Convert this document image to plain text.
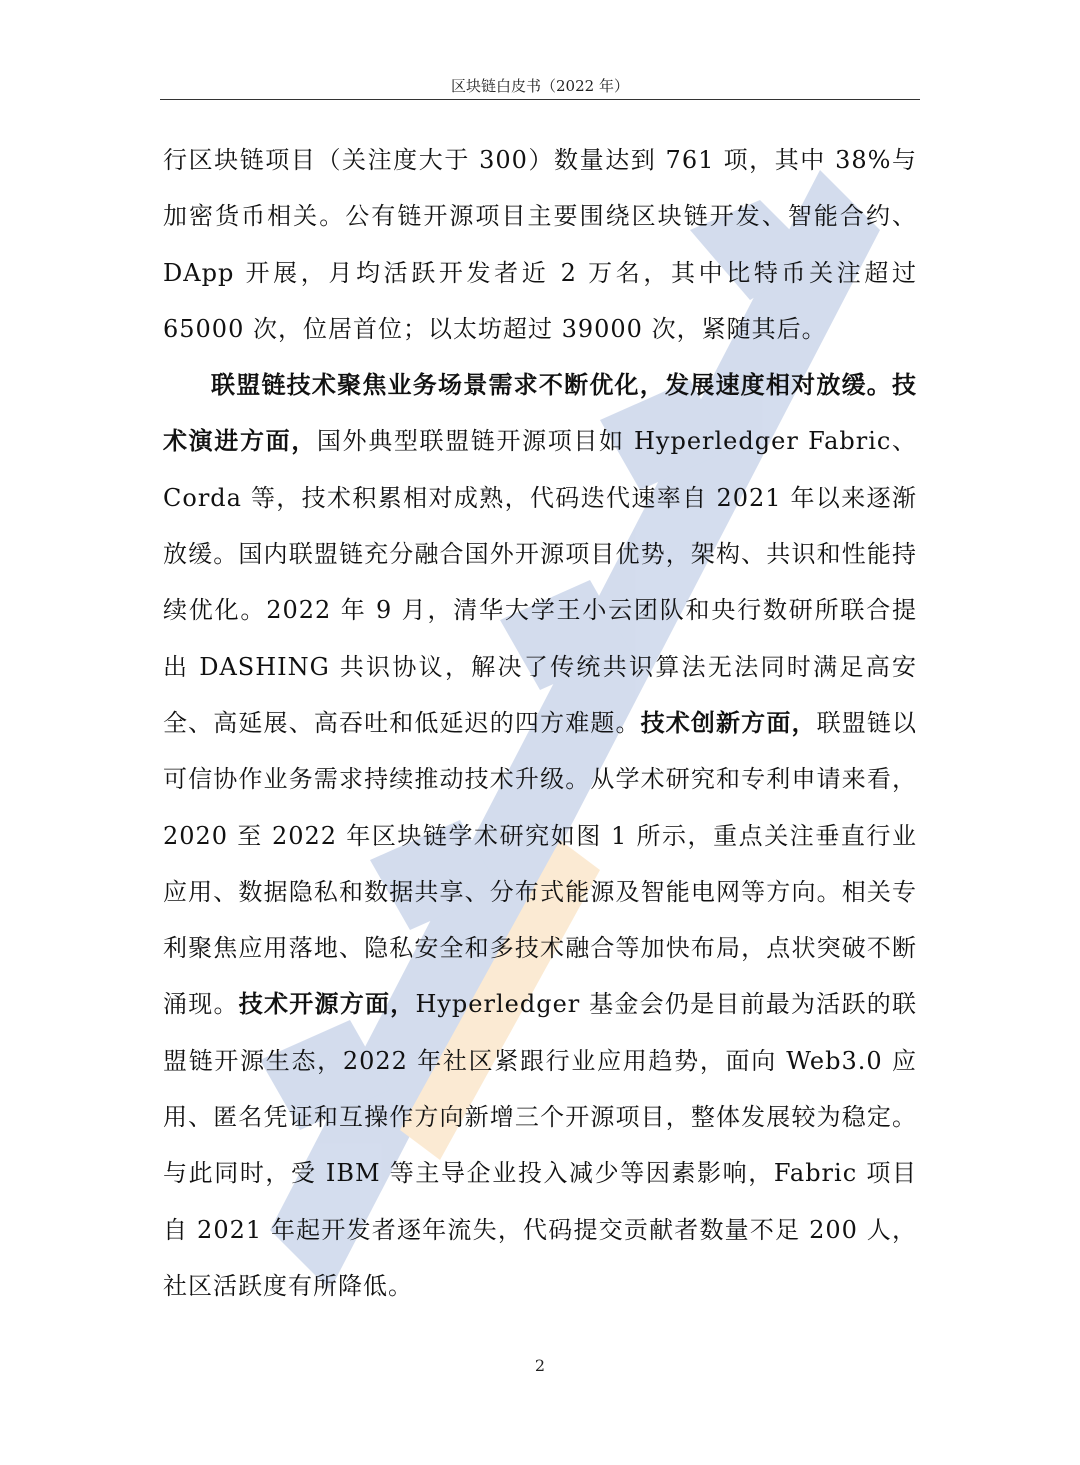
区块链白皮书（2022 年）

行区块链项目（关注度大于 300）数量达到 761 项，其中 38%与加密货币相关。公有链开源项目主要围绕区块链开发、智能合约、DApp 开展，月均活跃开发者近 2 万名，其中比特币关注超过 65000 次，位居首位；以太坊超过 39000 次，紧随其后。

联盟链技术聚焦业务场景需求不断优化，发展速度相对放缓。技术演进方面，国外典型联盟链开源项目如 Hyperledger Fabric、Corda 等，技术积累相对成熟，代码迭代速率自 2021 年以来逐渐放缓。国内联盟链充分融合国外开源项目优势，架构、共识和性能持续优化。2022 年 9 月，清华大学王小云团队和央行数研所联合提出 DASHING 共识协议，解决了传统共识算法无法同时满足高安全、高延展、高吞吐和低延迟的四方难题。技术创新方面，联盟链以可信协作业务需求持续推动技术升级。从学术研究和专利申请来看，2020 至 2022 年区块链学术研究如图 1 所示，重点关注垂直行业应用、数据隐私和数据共享、分布式能源及智能电网等方向。相关专利聚焦应用落地、隐私安全和多技术融合等加快布局，点状突破不断涌现。技术开源方面，Hyperledger 基金会仍是目前最为活跃的联盟链开源生态，2022 年社区紧跟行业应用趋势，面向 Web3.0 应用、匿名凭证和互操作方向新增三个开源项目，整体发展较为稳定。与此同时，受 IBM 等主导企业投入减少等因素影响，Fabric 项目自 2021 年起开发者逐年流失，代码提交贡献者数量不足 200 人，社区活跃度有所降低。

2
